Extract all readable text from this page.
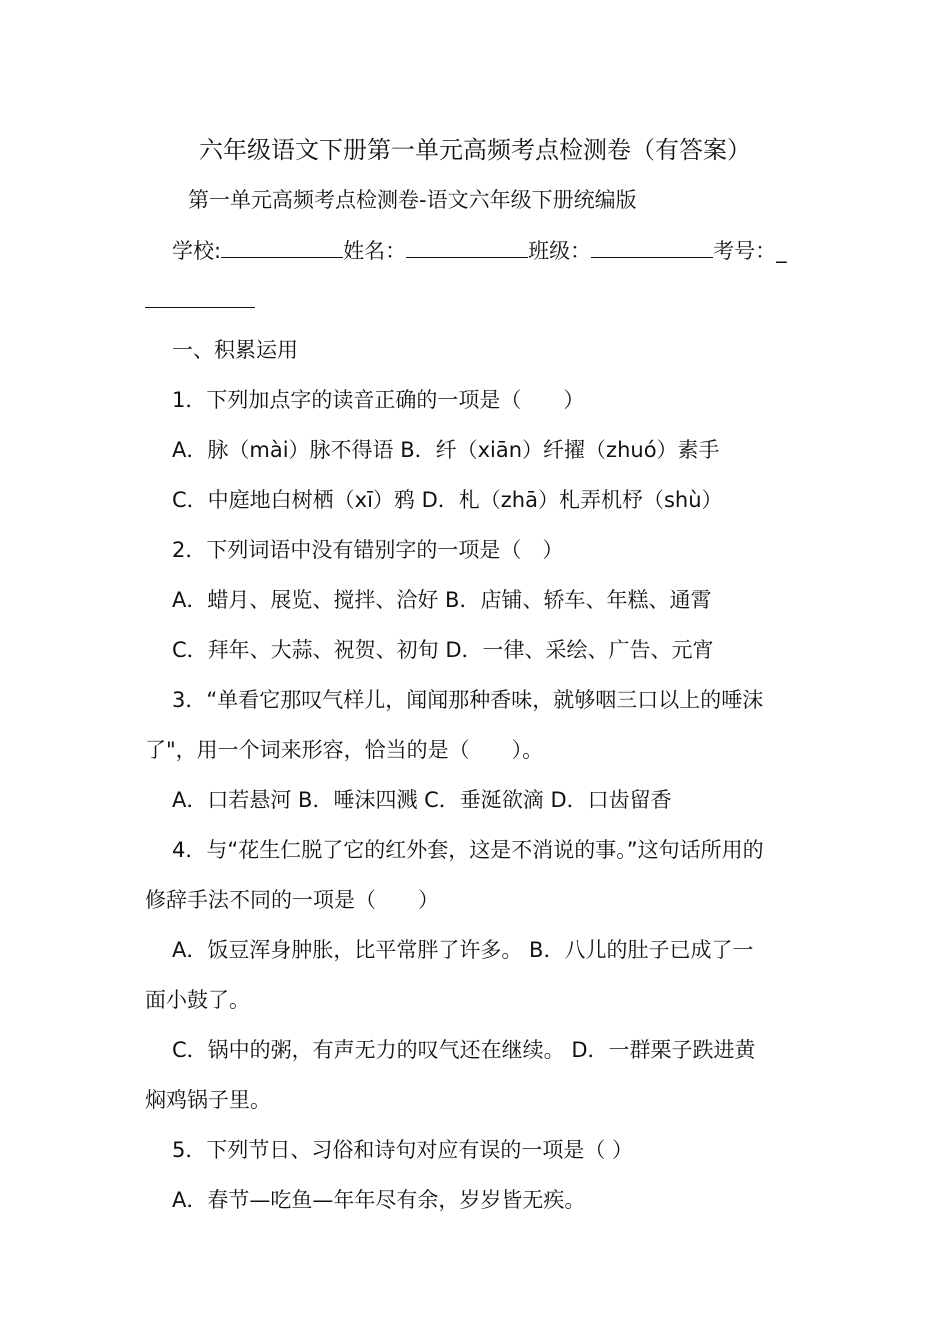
六年级语文下册第一单元高频考点检测卷（有答案）
第一单元高频考点检测卷-语文六年级下册统编版
学校:	姓名：	班级：	考号：_
一、积累运用
1．下列加点字的读音正确的一项是（　　）
A．脉（mài）脉不得语 B．纤（xiān）纤擢（zhuó）素手
C．中庭地白树栖（xī）鸦 D．札（zhā）札弄机杼（shù）
2．下列词语中没有错别字的一项是（　）
A．蜡月、展览、搅拌、洽好 B．店铺、轿车、年糕、通霄
C．拜年、大蒜、祝贺、初旬 D．一律、采绘、广告、元宵
3．“单看它那叹气样儿，闻闻那种香味，就够咽三口以上的唾沫
了"，用一个词来形容，恰当的是（　　）。
A．口若悬河 B．唾沫四溅 C．垂涎欲滴 D．口齿留香
4．与“花生仁脱了它的红外套，这是不消说的事。”这句话所用的
修辞手法不同的一项是（　　）
A．饭豆浑身肿胀，比平常胖了许多。 B．八儿的肚子已成了一
面小鼓了。
C．锅中的粥，有声无力的叹气还在继续。 D．一群栗子跌进黄
焖鸡锅子里。
5．下列节日、习俗和诗句对应有误的一项是（ ）
A．春节—吃鱼—年年尽有余，岁岁皆无疾。
